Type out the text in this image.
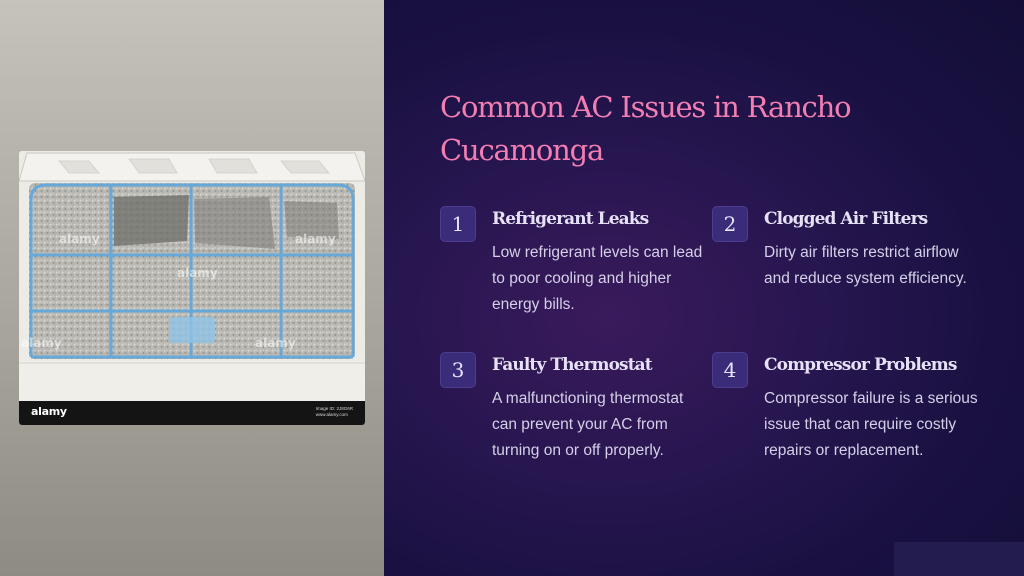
alamy	alamy
alamy
alamy	alamy
alamy	Image ID: 2J8G6R
www.alamy.com
Common AC Issues in Rancho Cucamonga
1	Refrigerant Leaks

Low refrigerant levels can lead to poor cooling and higher energy bills.

2	Clogged Air Filters

Dirty air filters restrict airflow and reduce system efficiency.

3	Faulty Thermostat

A malfunctioning thermostat can prevent your AC from turning on or off properly.

4	Compressor Problems

Compressor failure is a serious issue that can require costly repairs or replacement.
